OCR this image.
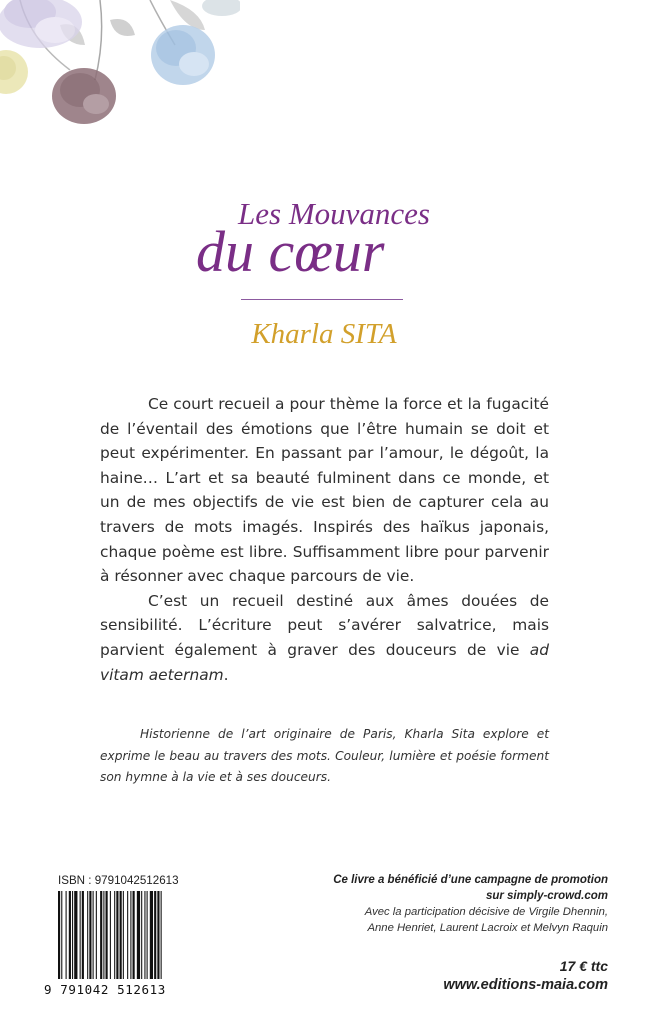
Les Mouvances
du cœur
Kharla SITA

Ce court recueil a pour thème la force et la fugacité de l’éventail des émotions que l’être humain se doit et peut expérimenter. En passant par l’amour, le dégoût, la haine… L’art et sa beauté fulminent dans ce monde, et un de mes objectifs de vie est bien de capturer cela au travers de mots imagés. Inspirés des haïkus japonais, chaque poème est libre. Suffisamment libre pour parvenir à résonner avec chaque parcours de vie.

C’est un recueil destiné aux âmes douées de sensibilité. L’écriture peut s’avérer salvatrice, mais parvient également à graver des douceurs de vie ad vitam aeternam.

Historienne de l’art originaire de Paris, Kharla Sita explore et exprime le beau au travers des mots. Couleur, lumière et poésie forment son hymne à la vie et à ses douceurs.
ISBN : 9791042512613
9 791042 512613
Ce livre a bénéficié d’une campagne de promotion
sur simply-crowd.com
Avec la participation décisive de Virgile Dhennin,
Anne Henriet, Laurent Lacroix et Melvyn Raquin
17 € ttc
www.editions-maia.com
